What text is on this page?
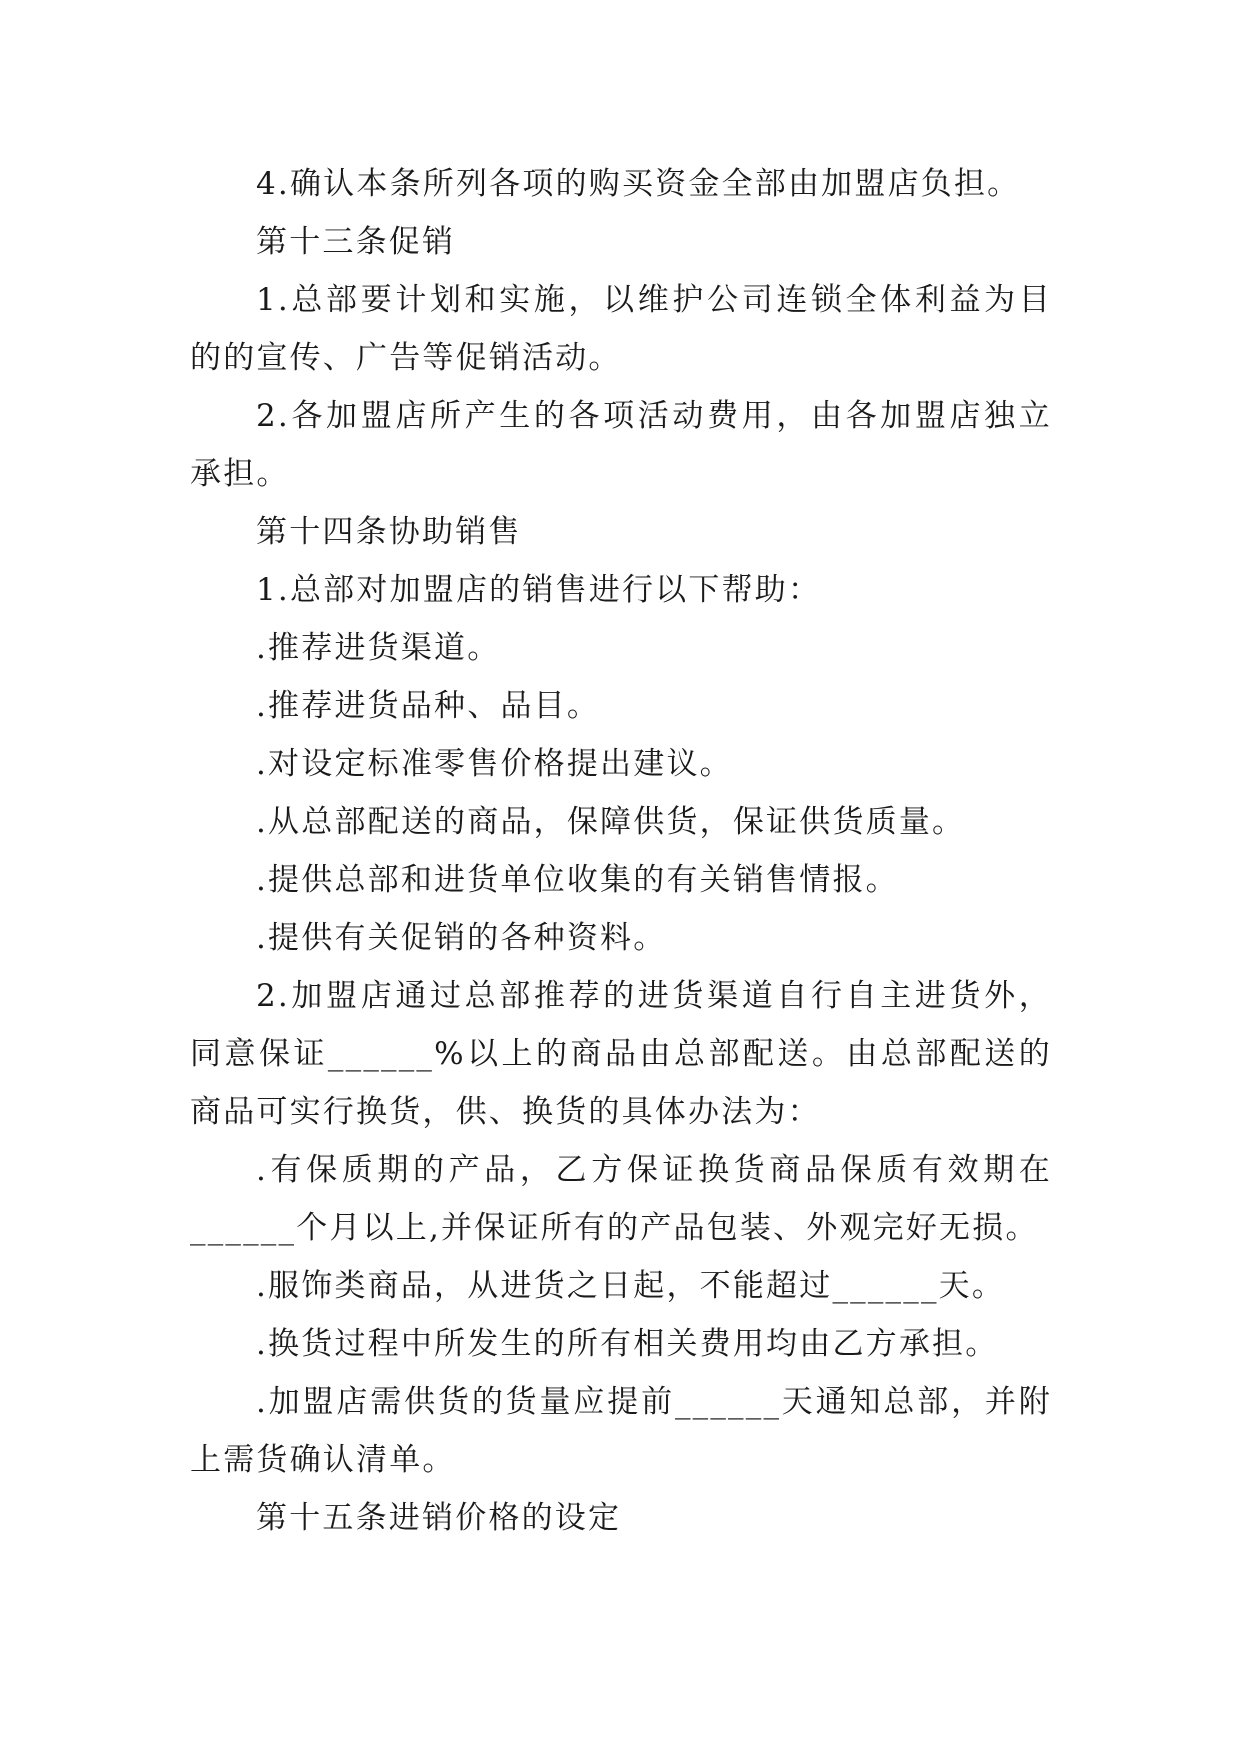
4.确认本条所列各项的购买资金全部由加盟店负担。

第十三条促销

1.总部要计划和实施，以维护公司连锁全体利益为目的的宣传、广告等促销活动。

2.各加盟店所产生的各项活动费用，由各加盟店独立承担。

第十四条协助销售

1.总部对加盟店的销售进行以下帮助：

.推荐进货渠道。

.推荐进货品种、品目。

.对设定标准零售价格提出建议。

.从总部配送的商品，保障供货，保证供货质量。

.提供总部和进货单位收集的有关销售情报。

.提供有关促销的各种资料。

2.加盟店通过总部推荐的进货渠道自行自主进货外，同意保证______%以上的商品由总部配送。由总部配送的商品可实行换货，供、换货的具体办法为：

.有保质期的产品，乙方保证换货商品保质有效期在______个月以上,并保证所有的产品包装、外观完好无损。

.服饰类商品，从进货之日起，不能超过______天。

.换货过程中所发生的所有相关费用均由乙方承担。

.加盟店需供货的货量应提前______天通知总部，并附上需货确认清单。

第十五条进销价格的设定
